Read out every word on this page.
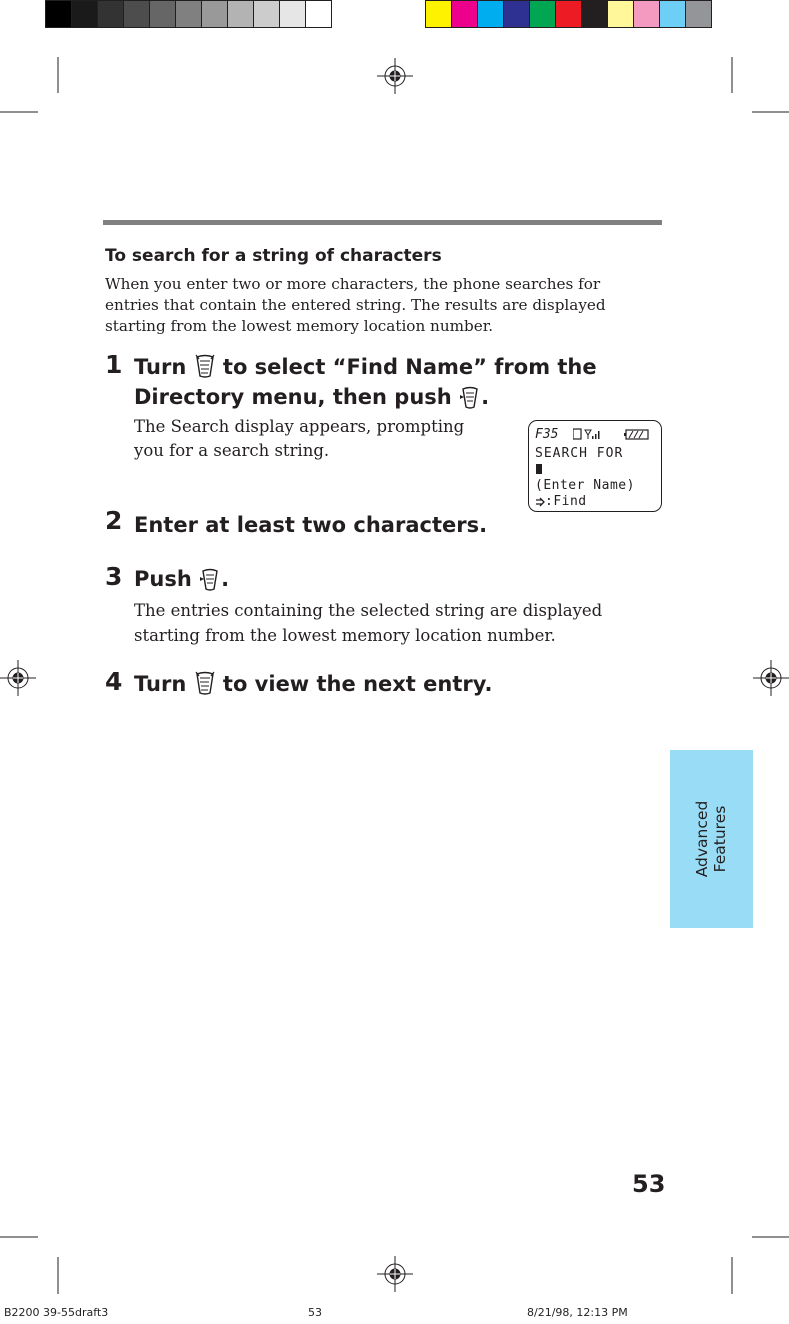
To search for a string of characters
When you enter two or more characters, the phone searches for entries that contain the entered string. The results are displayed starting from the lowest memory location number.
1 Turn  to select “Find Name” from the
Directory menu, then push .
The Search display appears, prompting
you for a search string.
F35
SEARCH FOR
(Enter Name)
:Find
2 Enter at least two characters.
3 Push .
The entries containing the selected string are displayed
starting from the lowest memory location number.
4 Turn  to view the next entry.
Advanced
Features
53
B2200 39-55draft3	53	8/21/98, 12:13 PM
